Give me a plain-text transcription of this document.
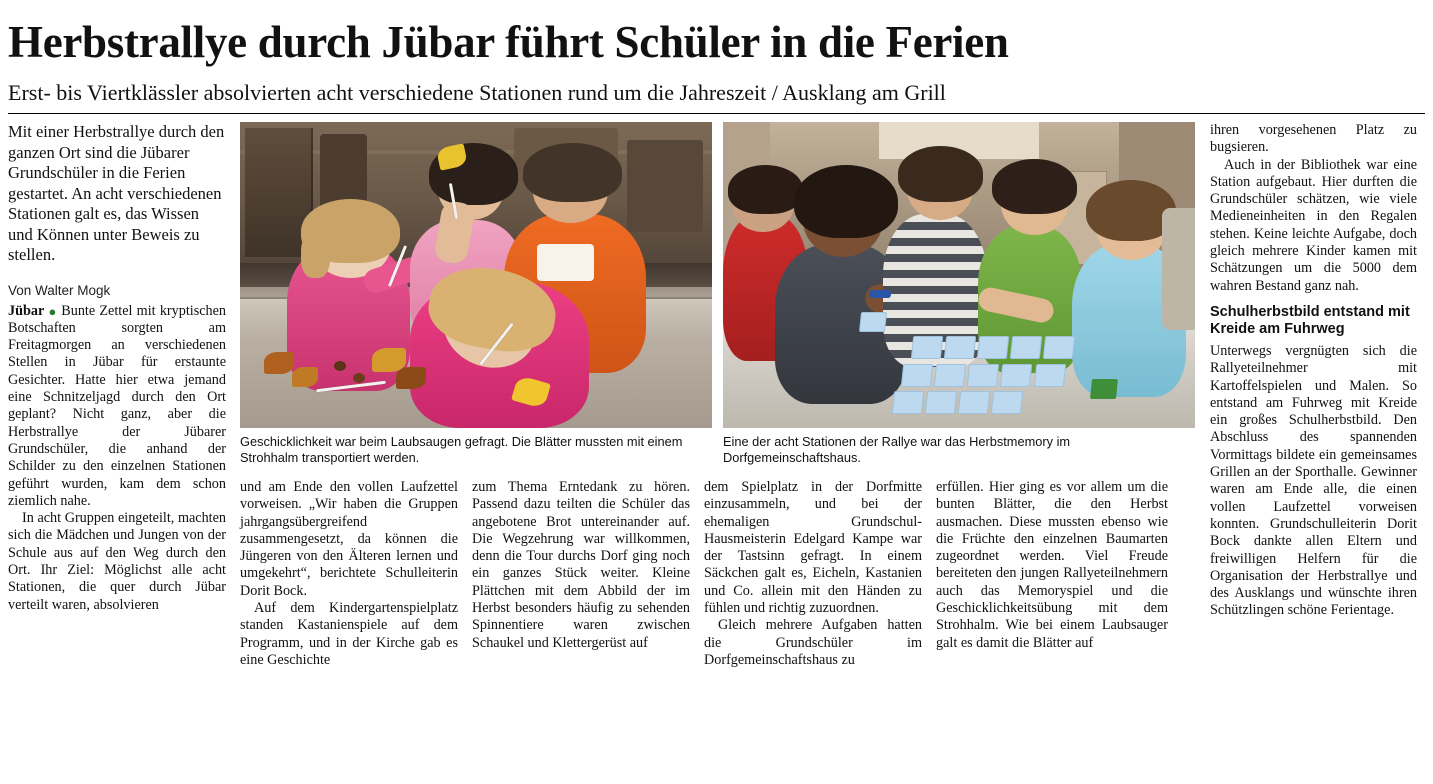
Herbstrallye durch Jübar führt Schüler in die Ferien
Erst- bis Viertklässler absolvierten acht verschiedene Stationen rund um die Jahreszeit / Ausklang am Grill
Mit einer Herbstrallye durch den ganzen Ort sind die Jübarer Grundschüler in die Ferien gestartet. An acht verschiedenen Stationen galt es, das Wissen und Können unter Beweis zu stellen.
Von Walter Mogk

Jübar ● Bunte Zettel mit kryptischen Botschaften sorgten am Freitagmorgen an verschiedenen Stellen in Jübar für erstaunte Gesichter. Hatte hier etwa jemand eine Schnitzeljagd durch den Ort geplant? Nicht ganz, aber die Herbstrallye der Jübarer Grundschüler, die anhand der Schilder zu den einzelnen Stationen geführt wurden, kam dem schon ziemlich nahe.

In acht Gruppen eingeteilt, machten sich die Mädchen und Jungen von der Schule aus auf den Weg durch den Ort. Ihr Ziel: Möglichst alle acht Stationen, die quer durch Jübar verteilt waren, absolvieren

Geschicklichkeit war beim Laubsaugen gefragt. Die Blätter mussten mit einem Strohhalm transportiert werden.
Eine der acht Stationen der Rallye war das Herbstmemory im Dorfgemeinschaftshaus.

und am Ende den vollen Laufzettel vorweisen. „Wir haben die Gruppen jahrgangsübergreifend zusammengesetzt, da können die Jüngeren von den Älteren lernen und umgekehrt“, berichtete Schulleiterin Dorit Bock.

Auf dem Kindergartenspielplatz standen Kastanienspiele auf dem Programm, und in der Kirche gab es eine Geschichte

zum Thema Erntedank zu hören. Passend dazu teilten die Schüler das angebotene Brot untereinander auf. Die Wegzehrung war willkommen, denn die Tour durchs Dorf ging noch ein ganzes Stück weiter. Kleine Plättchen mit dem Abbild der im Herbst besonders häufig zu sehenden Spinnentiere waren zwischen Schaukel und Klettergerüst auf

dem Spielplatz in der Dorfmitte einzusammeln, und bei der ehemaligen Grundschul-Hausmeisterin Edelgard Kampe war der Tastsinn gefragt. In einem Säckchen galt es, Eicheln, Kastanien und Co. allein mit den Händen zu fühlen und richtig zuzuordnen.

Gleich mehrere Aufgaben hatten die Grundschüler im Dorfgemeinschaftshaus zu

erfüllen. Hier ging es vor allem um die bunten Blätter, die den Herbst ausmachen. Diese mussten ebenso wie die Früchte den einzelnen Baumarten zugeordnet werden. Viel Freude bereiteten den jungen Rallyeteilnehmern auch das Memoryspiel und die Geschicklichkeitsübung mit dem Strohhalm. Wie bei einem Laubsauger galt es damit die Blätter auf

ihren vorgesehenen Platz zu bugsieren.

Auch in der Bibliothek war eine Station aufgebaut. Hier durften die Grundschüler schätzen, wie viele Medieneinheiten in den Regalen stehen. Keine leichte Aufgabe, doch gleich mehrere Kinder kamen mit Schätzungen um die 5000 dem wahren Bestand ganz nah.

Schulherbstbild entstand mit Kreide am Fuhrweg

Unterwegs vergnügten sich die Rallyeteilnehmer mit Kartoffelspielen und Malen. So entstand am Fuhrweg mit Kreide ein großes Schulherbstbild. Den Abschluss des spannenden Vormittags bildete ein gemeinsames Grillen an der Sporthalle. Gewinner waren am Ende alle, die einen vollen Laufzettel vorweisen konnten. Grundschulleiterin Dorit Bock dankte allen Eltern und freiwilligen Helfern für die Organisation der Herbstrallye und des Ausklangs und wünschte ihren Schützlingen schöne Ferientage.
